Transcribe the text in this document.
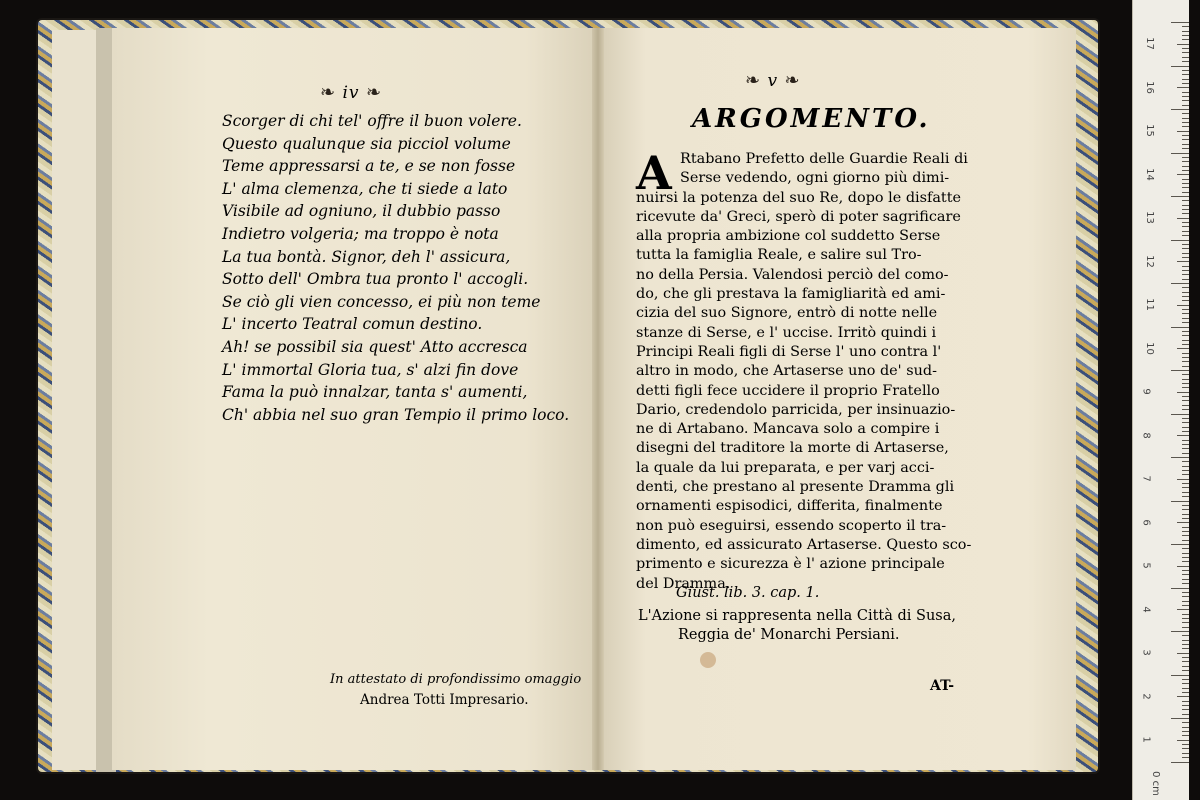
❧ iv ❧
Scorger di chi tel' offre il buon volere.
Questo qualunque sia picciol volume
Teme appressarsi a te, e se non fosse
L' alma clemenza, che ti siede a lato
Visibile ad ogniuno, il dubbio passo
Indietro volgeria; ma troppo è nota
La tua bontà. Signor, deh l' assicura,
Sotto dell' Ombra tua pronto l' accogli.
Se ciò gli vien concesso, ei più non teme
L' incerto Teatral comun destino.
Ah! se possibil sia quest' Atto accresca
L' immortal Gloria tua, s' alzi fin dove
Fama la può innalzar, tanta s' aumenti,
Ch' abbia nel suo gran Tempio il primo loco.
In attestato di profondissimo omaggio
Andrea Totti Impresario.
❧ v ❧
ARGOMENTO.
A Rtabano Prefetto delle Guardie Reali di
Serse vedendo, ogni giorno più dimi-
nuirsi la potenza del suo Re, dopo le disfatte
ricevute da' Greci, sperò di poter sagrificare
alla propria ambizione col suddetto Serse
tutta la famiglia Reale, e salire sul Tro-
no della Persia. Valendosi perciò del como-
do, che gli prestava la famigliarità ed ami-
cizia del suo Signore, entrò di notte nelle
stanze di Serse, e l' uccise. Irritò quindi i
Principi Reali figli di Serse l' uno contra l'
altro in modo, che Artaserse uno de' sud-
detti figli fece uccidere il proprio Fratello
Dario, credendolo parricida, per insinuazio-
ne di Artabano. Mancava solo a compire i
disegni del traditore la morte di Artaserse,
la quale da lui preparata, e per varj acci-
denti, che prestano al presente Dramma gli
ornamenti espisodici, differita, finalmente
non può eseguirsi, essendo scoperto il tra-
dimento, ed assicurato Artaserse. Questo sco-
primento e sicurezza è l' azione principale
del Dramma.
Giust. lib. 3. cap. 1.
L'Azione si rappresenta nella Città di Susa,
Reggia de' Monarchi Persiani.
AT-
17
16
15
14
13
12
11
10
9
8
7
6
5
4
3
2
1
0 cm
